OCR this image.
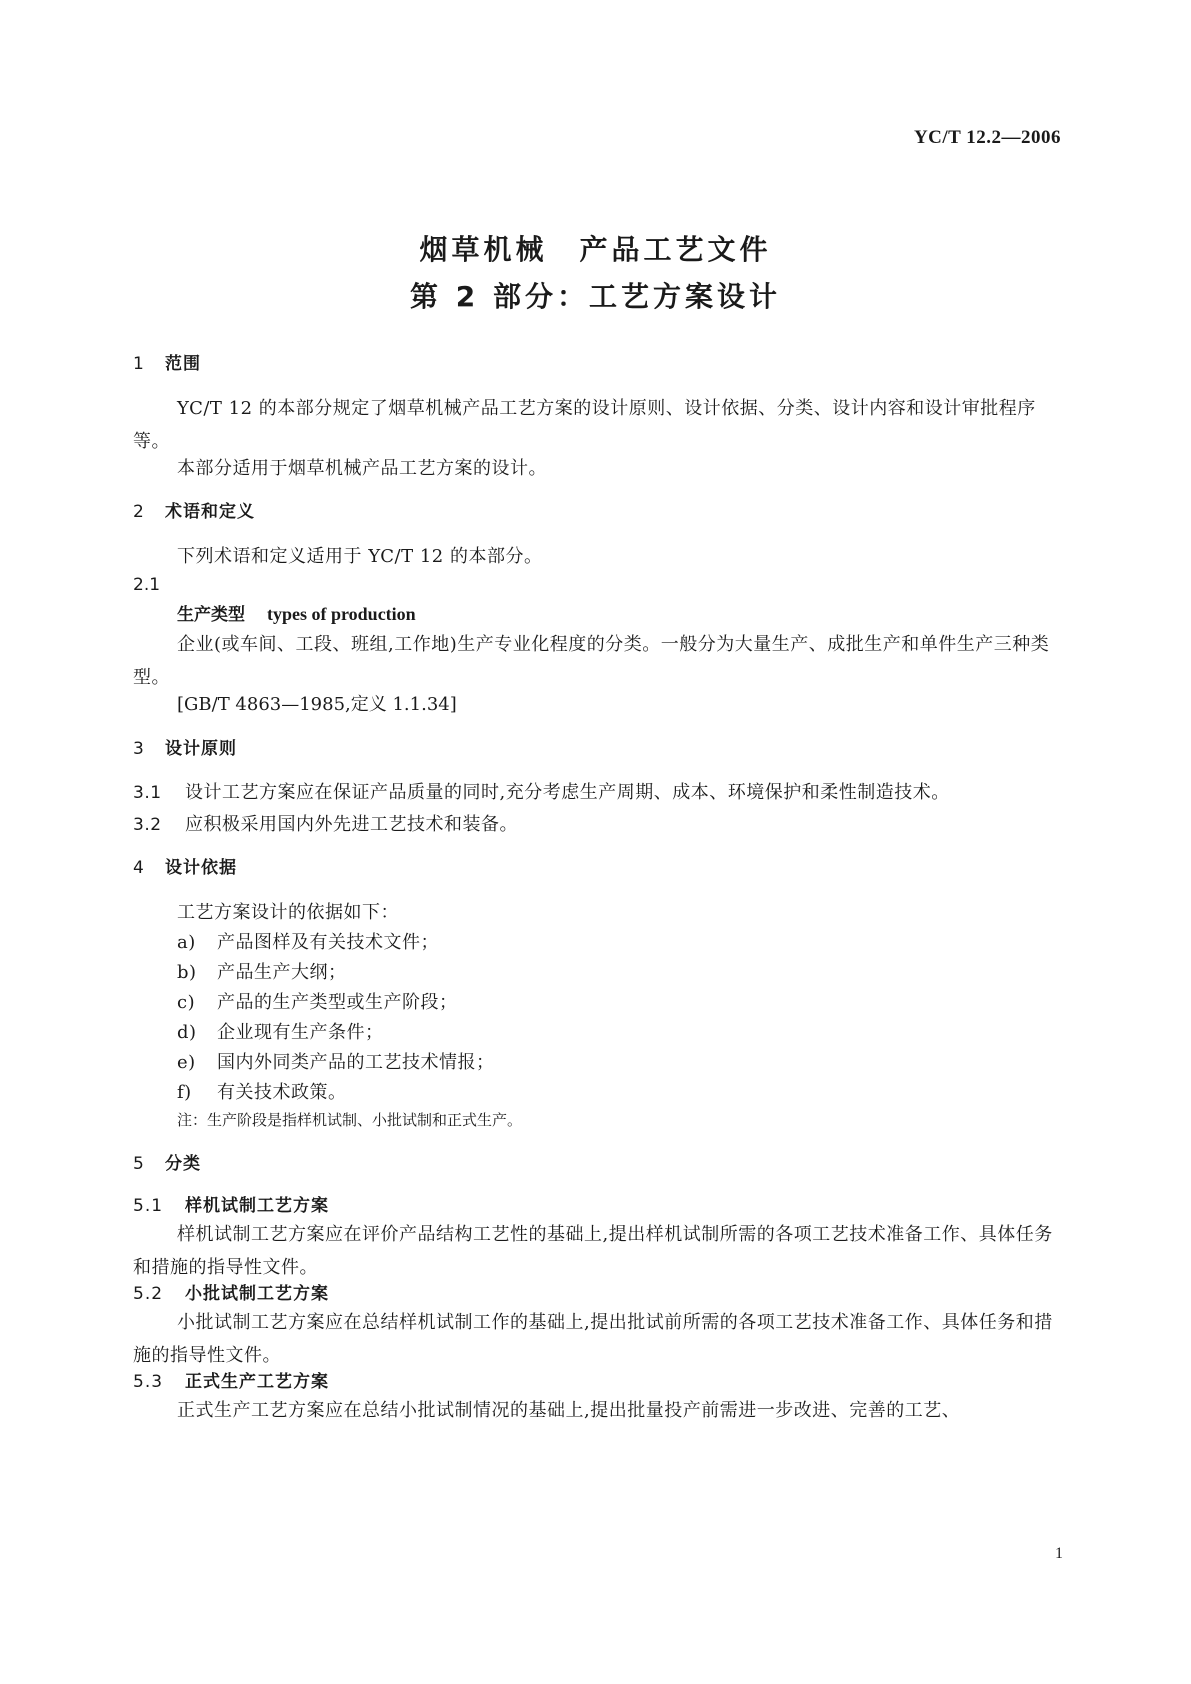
YC/T 12.2—2006
烟草机械　产品工艺文件
第 2 部分：工艺方案设计
1 范围
YC/T 12 的本部分规定了烟草机械产品工艺方案的设计原则、设计依据、分类、设计内容和设计审批程序等。
本部分适用于烟草机械产品工艺方案的设计。
2 术语和定义
下列术语和定义适用于 YC/T 12 的本部分。
2.1
生产类型 types of production
企业(或车间、工段、班组,工作地)生产专业化程度的分类。一般分为大量生产、成批生产和单件生产三种类型。
[GB/T 4863—1985,定义 1.1.34]
3 设计原则
3.1 设计工艺方案应在保证产品质量的同时,充分考虑生产周期、成本、环境保护和柔性制造技术。
3.2 应积极采用国内外先进工艺技术和装备。
4 设计依据
工艺方案设计的依据如下：
a) 产品图样及有关技术文件；
b) 产品生产大纲；
c) 产品的生产类型或生产阶段；
d) 企业现有生产条件；
e) 国内外同类产品的工艺技术情报；
f) 有关技术政策。
注：生产阶段是指样机试制、小批试制和正式生产。
5 分类
5.1 样机试制工艺方案
样机试制工艺方案应在评价产品结构工艺性的基础上,提出样机试制所需的各项工艺技术准备工作、具体任务和措施的指导性文件。
5.2 小批试制工艺方案
小批试制工艺方案应在总结样机试制工作的基础上,提出批试前所需的各项工艺技术准备工作、具体任务和措施的指导性文件。
5.3 正式生产工艺方案
正式生产工艺方案应在总结小批试制情况的基础上,提出批量投产前需进一步改进、完善的工艺、
1
